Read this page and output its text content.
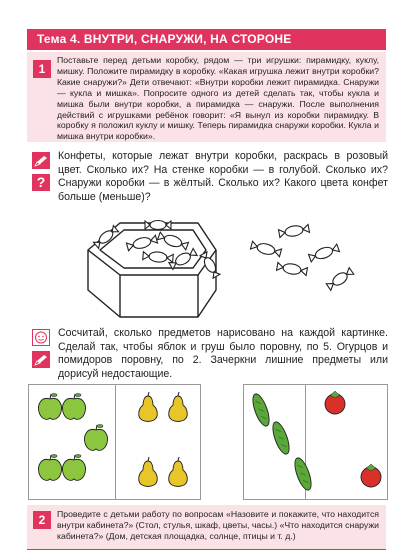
Тема 4. ВНУТРИ, СНАРУЖИ, НА СТОРОНЕ
1
Поставьте перед детьми коробку, рядом — три игрушки: пирамидку, куклу, мишку. Положите пирамидку в коробку. «Какая игрушка лежит внутри коробки? Какие снаружи?» Дети отвечают: «Внутри коробки лежит пирамидка. Снаружи — кукла и мишка». Попросите одного из детей сделать так, чтобы кукла и мишка были внутри коробки, а пирамидка — снаружи. После выполнения действий с игрушками ребёнок говорит: «Я вынул из коробки пирамидку. В коробку я положил куклу и мишку. Теперь пирамидка снаружи коробки. Кукла и мишка внутри коробки».
?
Конфеты, которые лежат внутри коробки, раскрась в розовый цвет. Сколько их? На стенке коробки — в голубой. Сколько их? Снаружи коробки — в жёлтый. Сколько их? Какого цвета конфет больше (меньше)?
Сосчитай, сколько предметов нарисовано на каждой картинке. Сделай так, чтобы яблок и груш было поровну, по 5. Огурцов и помидоров поровну, по 2. Зачеркни лишние предметы или дорисуй недостающие.
2	Проведите с детьми работу по вопросам «Назовите и покажите, что находится внутри кабинета?» (Стол, стулья, шкаф, цветы, часы.) «Что находится снаружи кабинета?» (Дом, детская площадка, солнце, птицы и т. д.)
